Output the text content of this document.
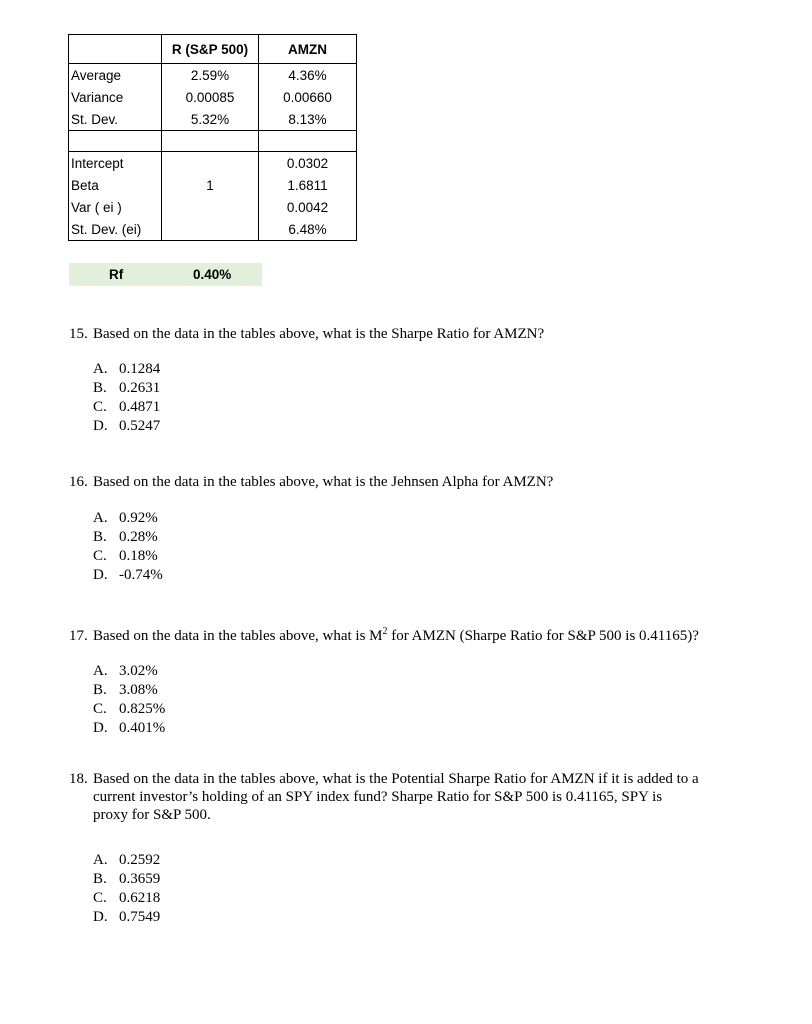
	R (S&P 500)	AMZN
Average	2.59%	4.36%
Variance	0.00085	0.00660
St. Dev.	5.32%	8.13%

Intercept		0.0302
Beta	1	1.6811
Var ( ei )		0.0042
St. Dev. (ei)		6.48%
Rf	0.40%
15. Based on the data in the tables above, what is the Sharpe Ratio for AMZN?
A. 0.1284
B. 0.2631
C. 0.4871
D. 0.5247
16. Based on the data in the tables above, what is the Jehnsen Alpha for AMZN?
A. 0.92%
B. 0.28%
C. 0.18%
D. -0.74%
17. Based on the data in the tables above, what is $M^2$ for AMZN (Sharpe Ratio for S&P 500 is 0.41165)?
A. 3.02%
B. 3.08%
C. 0.825%
D. 0.401%
18. Based on the data in the tables above, what is the Potential Sharpe Ratio for AMZN if it is added to a
current investor’s holding of an SPY index fund? Sharpe Ratio for S&P 500 is 0.41165, SPY is
proxy for S&P 500.
A. 0.2592
B. 0.3659
C. 0.6218
D. 0.7549
